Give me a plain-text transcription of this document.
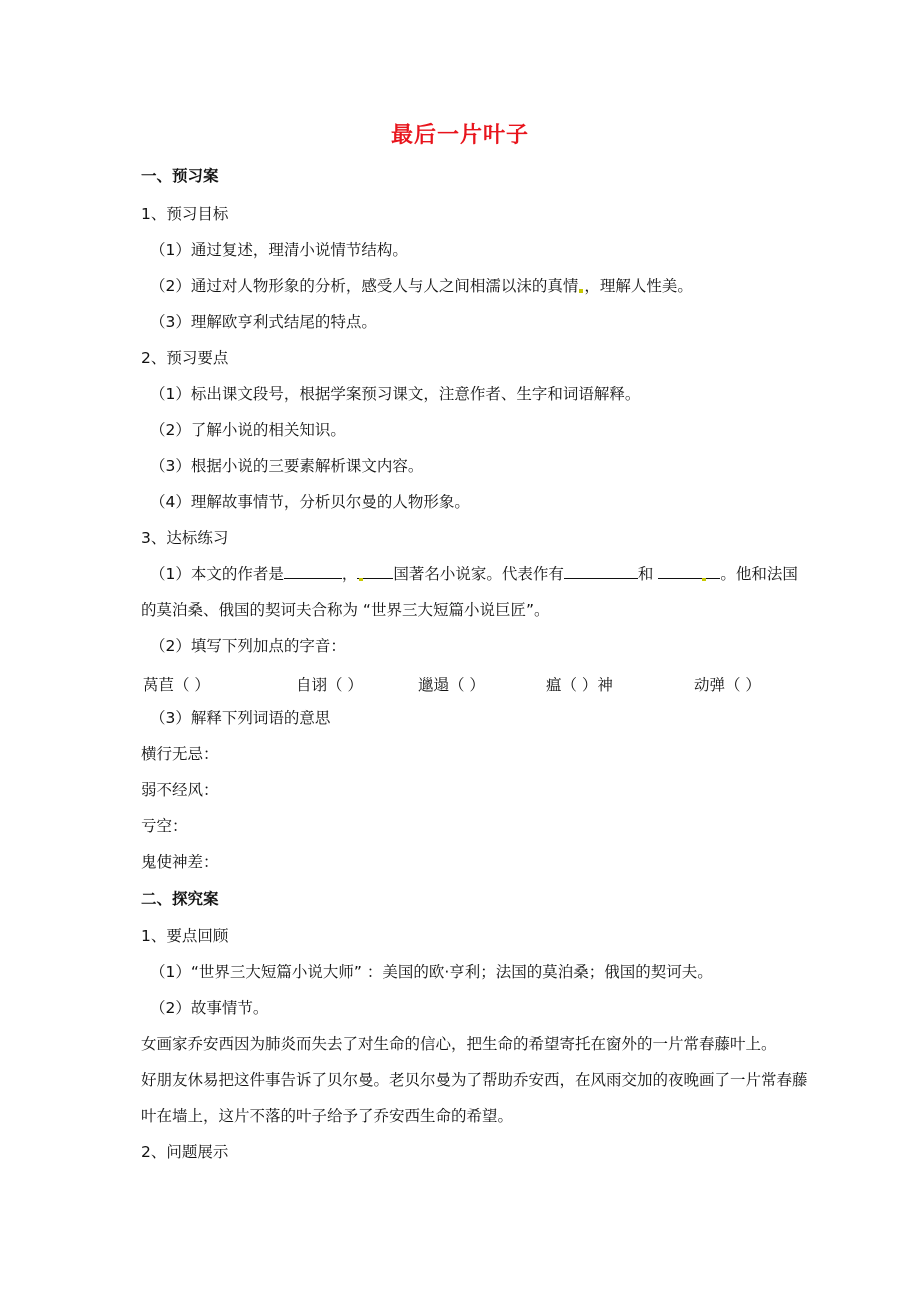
最后一片叶子
一、预习案
1、预习目标
（1）通过复述，理清小说情节结构。
（2）通过对人物形象的分析，感受人与人之间相濡以沫的真情 ，理解人性美。
（3）理解欧亨利式结尾的特点。
2、预习要点
（1）标出课文段号，根据学案预习课文，注意作者、生字和词语解释。
（2）了解小说的相关知识。
（3）根据小说的三要素解析课文内容。
（4）理解故事情节，分析贝尔曼的人物形象。
3、达标练习
（1）本文的作者是	， 国著名小说家。代表作有	和	。他和法国
的莫泊桑、俄国的契诃夫合称为 “世界三大短篇小说巨匠”。
（2）填写下列加点的字音：
莴苣（ ）	自诩（ ）	邋遢（ ）	瘟（ ）神	动弹（ ）
（3）解释下列词语的意思
横行无忌：
弱不经风：
亏空：
鬼使神差：
二、探究案
1、要点回顾
（1）“世界三大短篇小说大师” ：美国的欧·亨利；法国的莫泊桑；俄国的契诃夫。
（2）故事情节。
女画家乔安西因为肺炎而失去了对生命的信心，把生命的希望寄托在窗外的一片常春藤叶上。
好朋友休易把这件事告诉了贝尔曼。老贝尔曼为了帮助乔安西，在风雨交加的夜晚画了一片常春藤
叶在墙上，这片不落的叶子给予了乔安西生命的希望。
2、问题展示
